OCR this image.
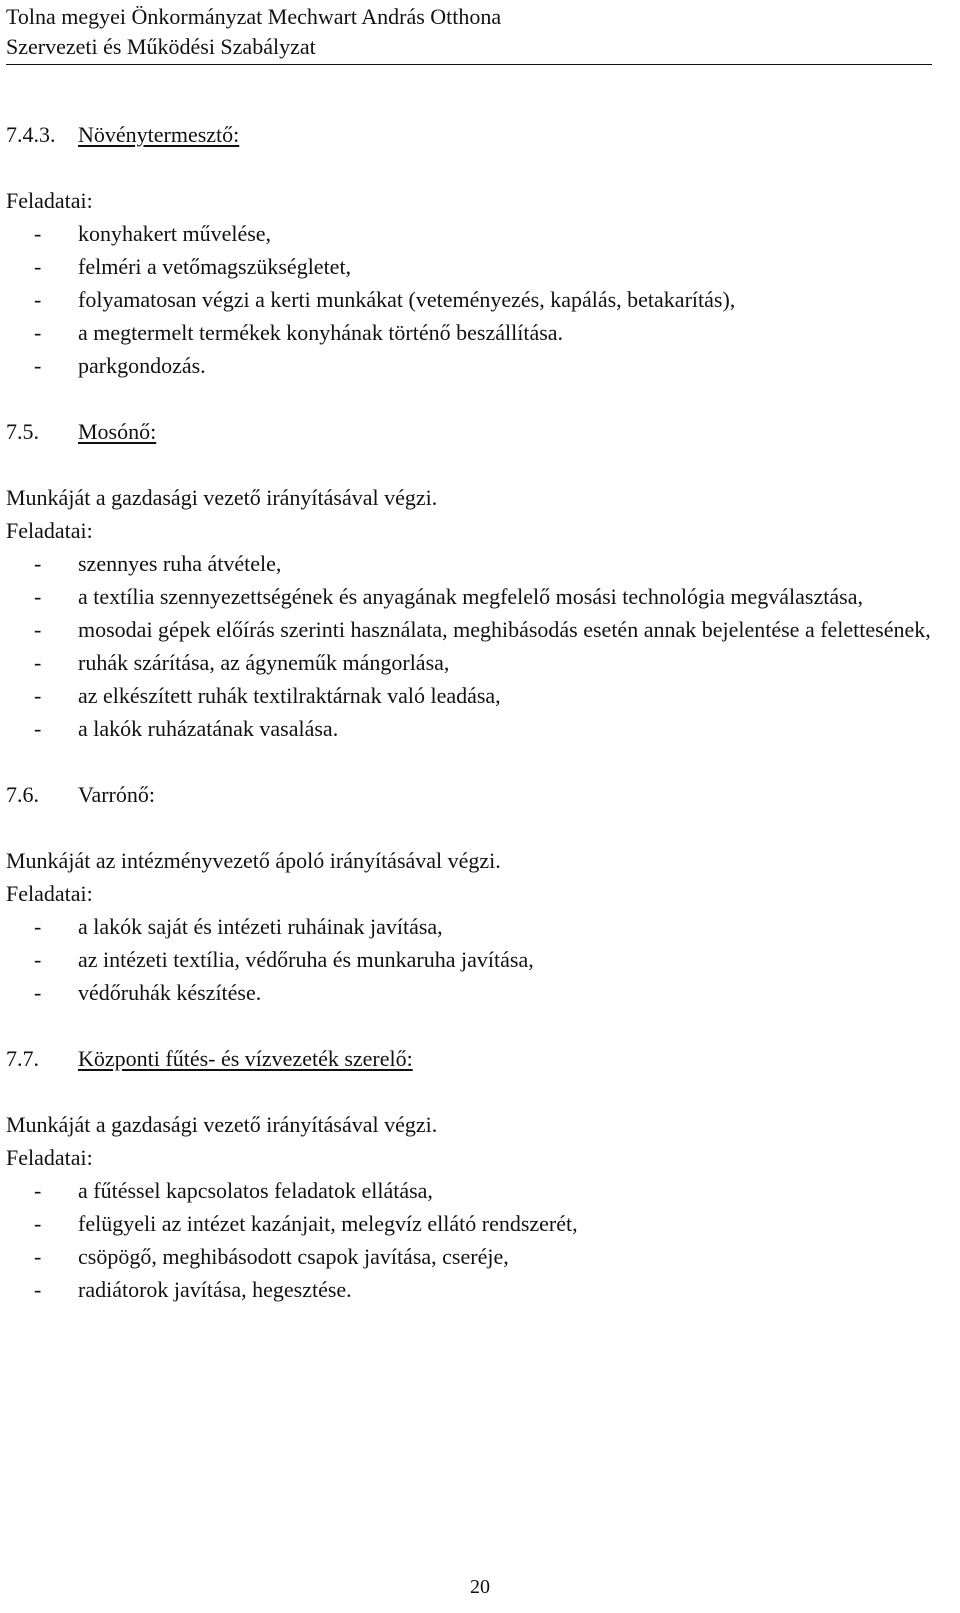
Tolna megyei Önkormányzat Mechwart András Otthona
Szervezeti és Működési Szabályzat
7.4.3.	Növénytermesztő:
Feladatai:
-	konyhakert művelése,
-	felméri a vetőmagszükségletet,
-	folyamatosan végzi a kerti munkákat (veteményezés, kapálás, betakarítás),
-	a megtermelt termékek konyhának történő beszállítása.
-	parkgondozás.
7.5.	Mosónő:
Munkáját a gazdasági vezető irányításával végzi.
Feladatai:
-	szennyes ruha átvétele,
-	a textília szennyezettségének és anyagának megfelelő mosási technológia megválasztása,
-	mosodai gépek előírás szerinti használata, meghibásodás esetén annak bejelentése a felettesének,
-	ruhák szárítása, az ágyneműk mángorlása,
-	az elkészített ruhák textilraktárnak való leadása,
-	a lakók ruházatának vasalása.
7.6.	Varrónő:
Munkáját az intézményvezető ápoló irányításával végzi.
Feladatai:
-	a lakók saját és intézeti ruháinak javítása,
-	az intézeti textília, védőruha és munkaruha javítása,
-	védőruhák készítése.
7.7.	Központi fűtés- és vízvezeték szerelő:
Munkáját a gazdasági vezető irányításával végzi.
Feladatai:
-	a fűtéssel kapcsolatos feladatok ellátása,
-	felügyeli az intézet kazánjait, melegvíz ellátó rendszerét,
-	csöpögő, meghibásodott csapok javítása, cseréje,
-	radiátorok javítása, hegesztése.
20
